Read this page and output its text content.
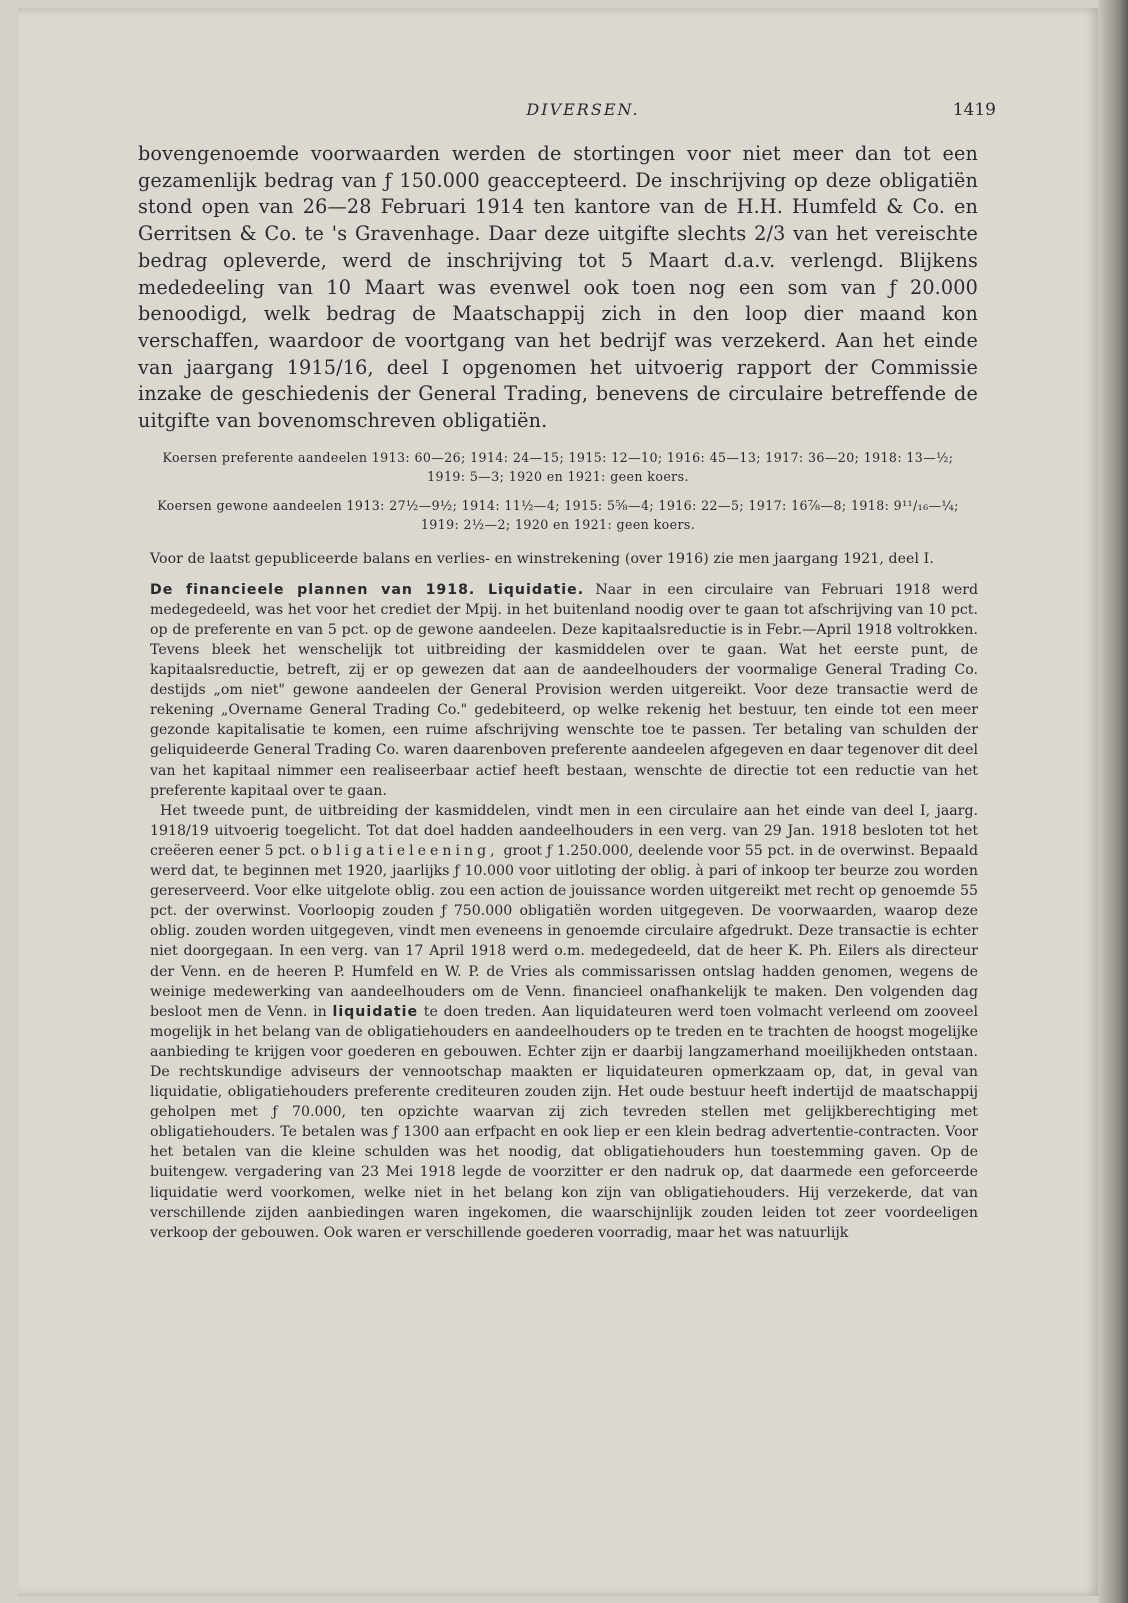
DIVERSEN.	1419

bovengenoemde voorwaarden werden de stortingen voor niet meer dan tot een gezamenlijk bedrag van ƒ 150.000 geaccepteerd. De inschrijving op deze obligatiën stond open van 26—28 Februari 1914 ten kantore van de H.H. Humfeld & Co. en Gerritsen & Co. te 's Gravenhage. Daar deze uitgifte slechts 2/3 van het vereischte bedrag opleverde, werd de inschrijving tot 5 Maart d.a.v. verlengd. Blijkens mededeeling van 10 Maart was evenwel ook toen nog een som van ƒ 20.000 benoodigd, welk bedrag de Maatschappij zich in den loop dier maand kon verschaffen, waardoor de voortgang van het bedrijf was verzekerd. Aan het einde van jaargang 1915/16, deel I opgenomen het uitvoerig rapport der Commissie inzake de geschiedenis der General Trading, benevens de circulaire betreffende de uitgifte van bovenomschreven obligatiën.

Koersen preferente aandeelen 1913: 60—26; 1914: 24—15; 1915: 12—10; 1916: 45—13; 1917: 36—20; 1918: 13—½; 1919: 5—3; 1920 en 1921: geen koers.

Koersen gewone aandeelen 1913: 27½—9½; 1914: 11½—4; 1915: 5⅝—4; 1916: 22—5; 1917: 16⅞—8; 1918: 9¹¹/₁₆—¼; 1919: 2½—2; 1920 en 1921: geen koers.

Voor de laatst gepubliceerde balans en verlies- en winstrekening (over 1916) zie men jaargang 1921, deel I.

De financieele plannen van 1918. Liquidatie. Naar in een circulaire van Februari 1918 werd medegedeeld, was het voor het crediet der Mpij. in het buitenland noodig over te gaan tot afschrijving van 10 pct. op de preferente en van 5 pct. op de gewone aandeelen. Deze kapitaalsreductie is in Febr.—April 1918 voltrokken. Tevens bleek het wenschelijk tot uitbreiding der kasmiddelen over te gaan. Wat het eerste punt, de kapitaalsreductie, betreft, zij er op gewezen dat aan de aandeelhouders der voormalige General Trading Co. destijds „om niet" gewone aandeelen der General Provision werden uitgereikt. Voor deze transactie werd de rekening „Overname General Trading Co." gedebiteerd, op welke rekenig het bestuur, ten einde tot een meer gezonde kapitalisatie te komen, een ruime afschrijving wenschte toe te passen. Ter betaling van schulden der geliquideerde General Trading Co. waren daarenboven preferente aandeelen afgegeven en daar tegenover dit deel van het kapitaal nimmer een realiseerbaar actief heeft bestaan, wenschte de directie tot een reductie van het preferente kapitaal over te gaan.

Het tweede punt, de uitbreiding der kasmiddelen, vindt men in een circulaire aan het einde van deel I, jaarg. 1918/19 uitvoerig toegelicht. Tot dat doel hadden aandeelhouders in een verg. van 29 Jan. 1918 besloten tot het creëeren eener 5 pct. obligatieleening, groot ƒ 1.250.000, deelende voor 55 pct. in de overwinst. Bepaald werd dat, te beginnen met 1920, jaarlijks ƒ 10.000 voor uitloting der oblig. à pari of inkoop ter beurze zou worden gereserveerd. Voor elke uitgelote oblig. zou een action de jouissance worden uitgereikt met recht op genoemde 55 pct. der overwinst. Voorloopig zouden ƒ 750.000 obligatiën worden uitgegeven. De voorwaarden, waarop deze oblig. zouden worden uitgegeven, vindt men eveneens in genoemde circulaire afgedrukt. Deze transactie is echter niet doorgegaan. In een verg. van 17 April 1918 werd o.m. medegedeeld, dat de heer K. Ph. Eilers als directeur der Venn. en de heeren P. Humfeld en W. P. de Vries als commissarissen ontslag hadden genomen, wegens de weinige medewerking van aandeelhouders om de Venn. financieel onafhankelijk te maken. Den volgenden dag besloot men de Venn. in liquidatie te doen treden. Aan liquidateuren werd toen volmacht verleend om zooveel mogelijk in het belang van de obligatiehouders en aandeelhouders op te treden en te trachten de hoogst mogelijke aanbieding te krijgen voor goederen en gebouwen. Echter zijn er daarbij langzamerhand moeilijkheden ontstaan. De rechtskundige adviseurs der vennootschap maakten er liquidateuren opmerkzaam op, dat, in geval van liquidatie, obligatiehouders preferente crediteuren zouden zijn. Het oude bestuur heeft indertijd de maatschappij geholpen met ƒ 70.000, ten opzichte waarvan zij zich tevreden stellen met gelijkberechtiging met obligatiehouders. Te betalen was ƒ 1300 aan erfpacht en ook liep er een klein bedrag advertentie-contracten. Voor het betalen van die kleine schulden was het noodig, dat obligatiehouders hun toestemming gaven. Op de buitengew. vergadering van 23 Mei 1918 legde de voorzitter er den nadruk op, dat daarmede een geforceerde liquidatie werd voorkomen, welke niet in het belang kon zijn van obligatiehouders. Hij verzekerde, dat van verschillende zijden aanbiedingen waren ingekomen, die waarschijnlijk zouden leiden tot zeer voordeeligen verkoop der gebouwen. Ook waren er verschillende goederen voorradig, maar het was natuurlijk
